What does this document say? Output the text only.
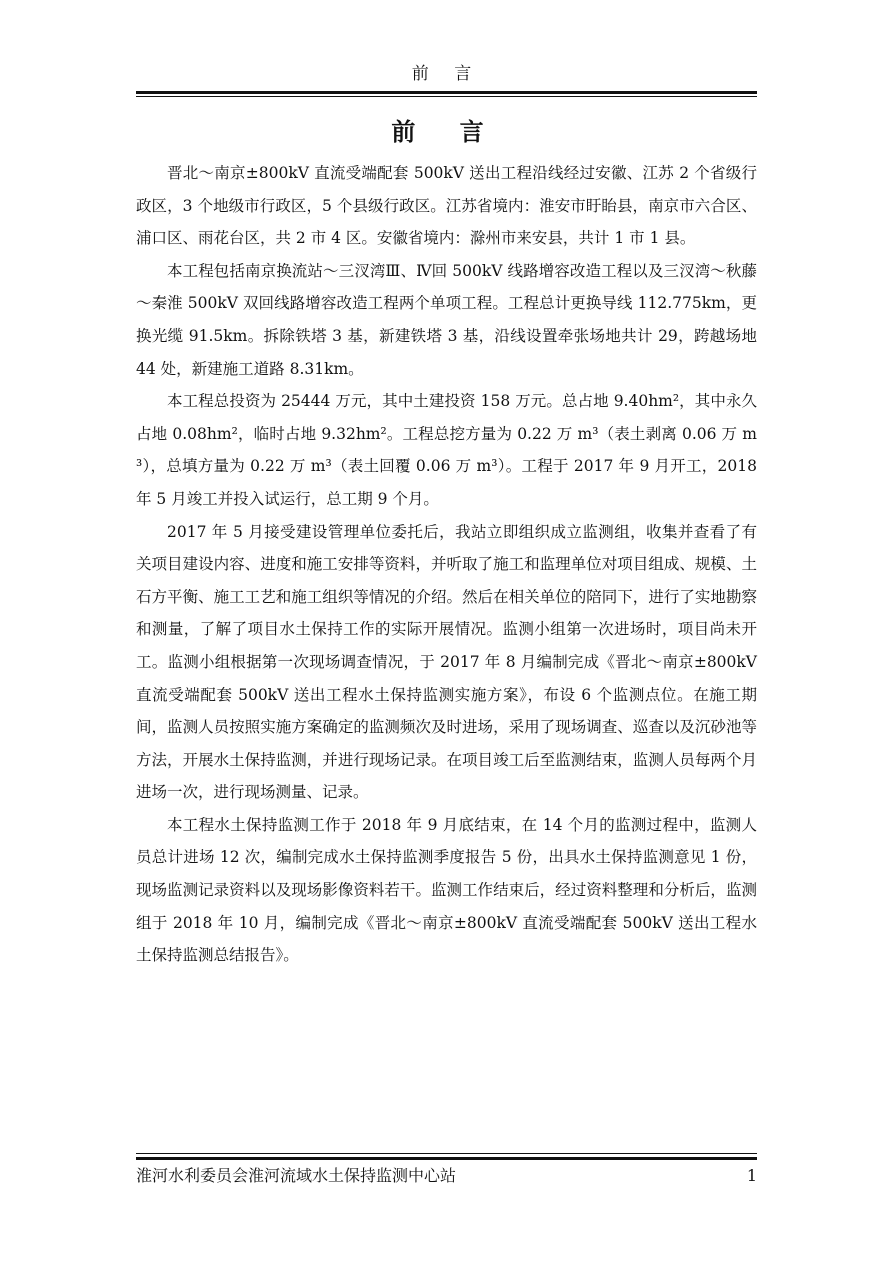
前 言
前 言

晋北～南京±800kV 直流受端配套 500kV 送出工程沿线经过安徽、江苏 2 个省级行政区，3 个地级市行政区，5 个县级行政区。江苏省境内：淮安市盱眙县，南京市六合区、浦口区、雨花台区，共 2 市 4 区。安徽省境内：滁州市来安县，共计 1 市 1 县。

本工程包括南京换流站～三汊湾Ⅲ、Ⅳ回 500kV 线路增容改造工程以及三汊湾～秋藤～秦淮 500kV 双回线路增容改造工程两个单项工程。工程总计更换导线 112.775km，更换光缆 91.5km。拆除铁塔 3 基，新建铁塔 3 基，沿线设置牵张场地共计 29，跨越场地 44 处，新建施工道路 8.31km。

本工程总投资为 25444 万元，其中土建投资 158 万元。总占地 9.40hm²，其中永久占地 0.08hm²，临时占地 9.32hm²。工程总挖方量为 0.22 万 m³（表土剥离 0.06 万 m³），总填方量为 0.22 万 m³（表土回覆 0.06 万 m³）。工程于 2017 年 9 月开工，2018 年 5 月竣工并投入试运行，总工期 9 个月。

2017 年 5 月接受建设管理单位委托后，我站立即组织成立监测组，收集并查看了有关项目建设内容、进度和施工安排等资料，并听取了施工和监理单位对项目组成、规模、土石方平衡、施工工艺和施工组织等情况的介绍。然后在相关单位的陪同下，进行了实地勘察和测量，了解了项目水土保持工作的实际开展情况。监测小组第一次进场时，项目尚未开工。监测小组根据第一次现场调查情况，于 2017 年 8 月编制完成《晋北～南京±800kV 直流受端配套 500kV 送出工程水土保持监测实施方案》，布设 6 个监测点位。在施工期间，监测人员按照实施方案确定的监测频次及时进场，采用了现场调查、巡查以及沉砂池等方法，开展水土保持监测，并进行现场记录。在项目竣工后至监测结束，监测人员每两个月进场一次，进行现场测量、记录。

本工程水土保持监测工作于 2018 年 9 月底结束，在 14 个月的监测过程中，监测人员总计进场 12 次，编制完成水土保持监测季度报告 5 份，出具水土保持监测意见 1 份，现场监测记录资料以及现场影像资料若干。监测工作结束后，经过资料整理和分析后，监测组于 2018 年 10 月，编制完成《晋北～南京±800kV 直流受端配套 500kV 送出工程水土保持监测总结报告》。

淮河水利委员会淮河流域水土保持监测中心站	1
